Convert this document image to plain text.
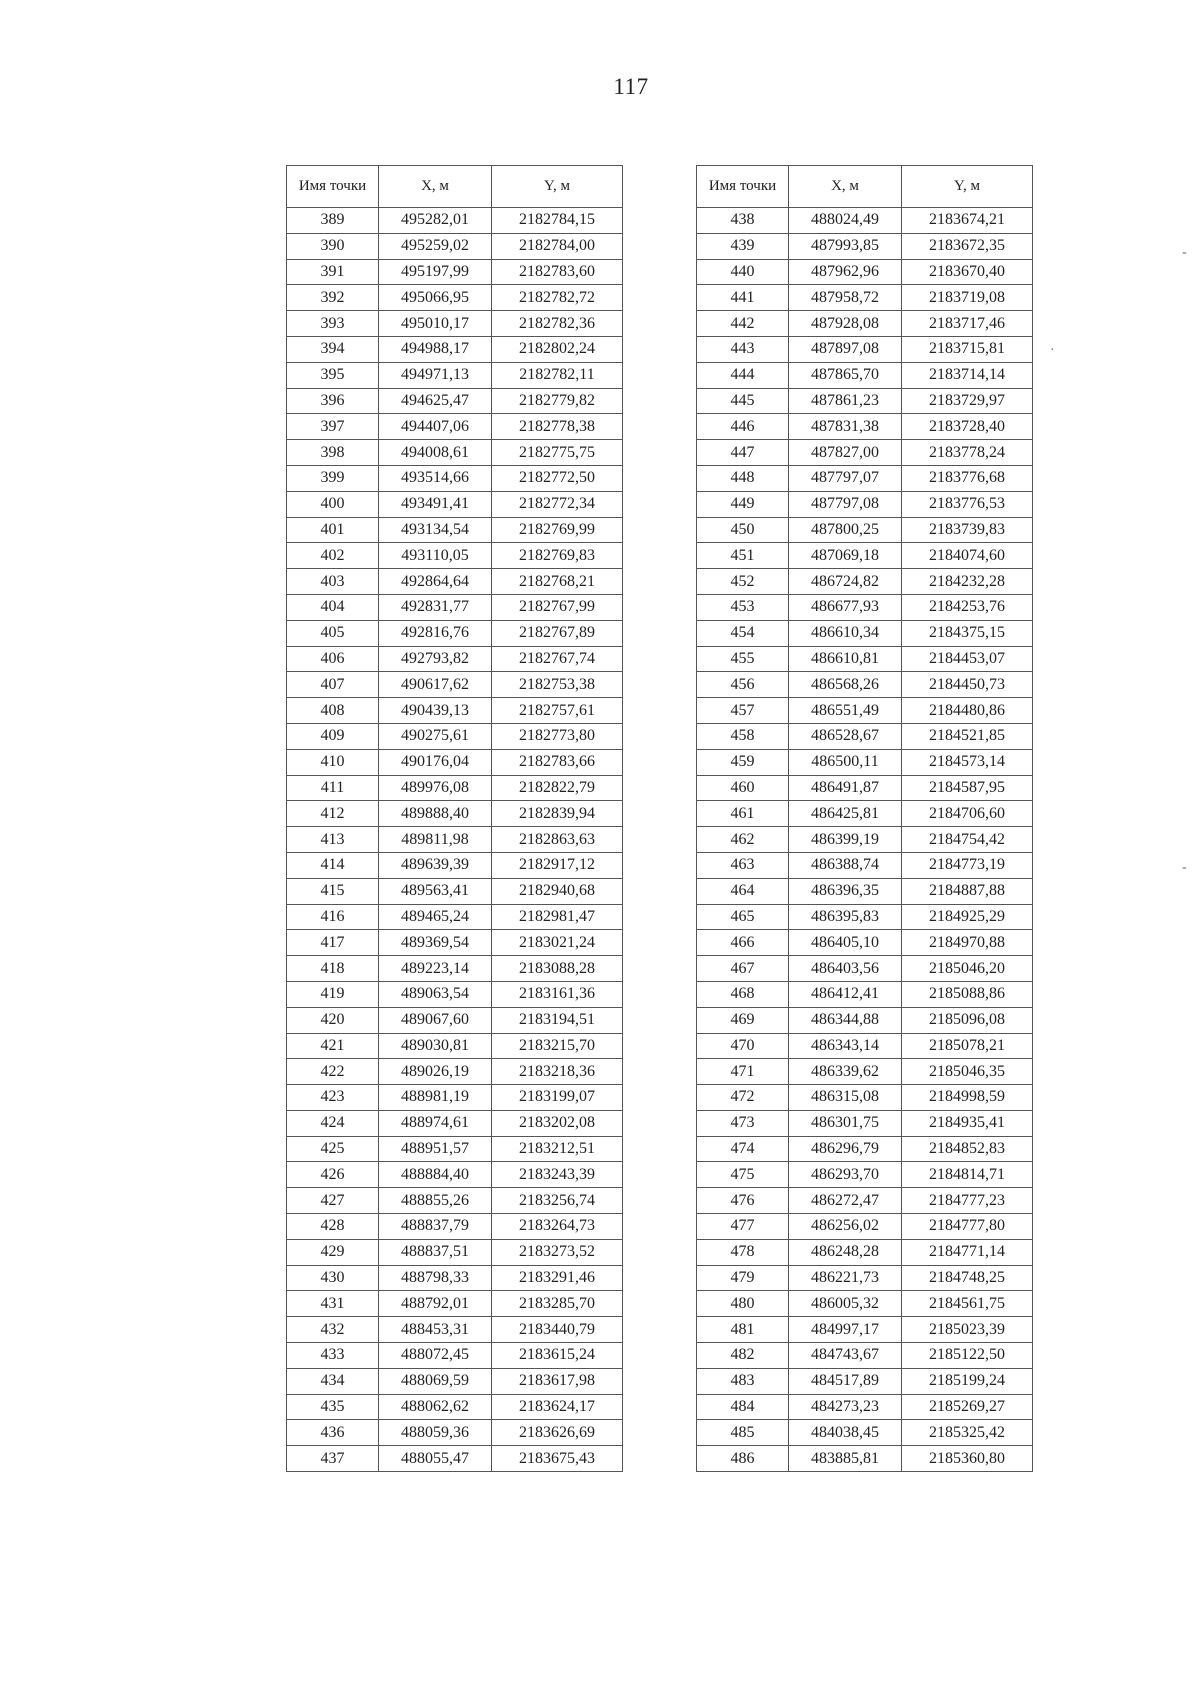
117
Имя точки	X, м	Y, м
389	495282,01	2182784,15
390	495259,02	2182784,00
391	495197,99	2182783,60
392	495066,95	2182782,72
393	495010,17	2182782,36
394	494988,17	2182802,24
395	494971,13	2182782,11
396	494625,47	2182779,82
397	494407,06	2182778,38
398	494008,61	2182775,75
399	493514,66	2182772,50
400	493491,41	2182772,34
401	493134,54	2182769,99
402	493110,05	2182769,83
403	492864,64	2182768,21
404	492831,77	2182767,99
405	492816,76	2182767,89
406	492793,82	2182767,74
407	490617,62	2182753,38
408	490439,13	2182757,61
409	490275,61	2182773,80
410	490176,04	2182783,66
411	489976,08	2182822,79
412	489888,40	2182839,94
413	489811,98	2182863,63
414	489639,39	2182917,12
415	489563,41	2182940,68
416	489465,24	2182981,47
417	489369,54	2183021,24
418	489223,14	2183088,28
419	489063,54	2183161,36
420	489067,60	2183194,51
421	489030,81	2183215,70
422	489026,19	2183218,36
423	488981,19	2183199,07
424	488974,61	2183202,08
425	488951,57	2183212,51
426	488884,40	2183243,39
427	488855,26	2183256,74
428	488837,79	2183264,73
429	488837,51	2183273,52
430	488798,33	2183291,46
431	488792,01	2183285,70
432	488453,31	2183440,79
433	488072,45	2183615,24
434	488069,59	2183617,98
435	488062,62	2183624,17
436	488059,36	2183626,69
437	488055,47	2183675,43
Имя точки	X, м	Y, м
438	488024,49	2183674,21
439	487993,85	2183672,35
440	487962,96	2183670,40
441	487958,72	2183719,08
442	487928,08	2183717,46
443	487897,08	2183715,81
444	487865,70	2183714,14
445	487861,23	2183729,97
446	487831,38	2183728,40
447	487827,00	2183778,24
448	487797,07	2183776,68
449	487797,08	2183776,53
450	487800,25	2183739,83
451	487069,18	2184074,60
452	486724,82	2184232,28
453	486677,93	2184253,76
454	486610,34	2184375,15
455	486610,81	2184453,07
456	486568,26	2184450,73
457	486551,49	2184480,86
458	486528,67	2184521,85
459	486500,11	2184573,14
460	486491,87	2184587,95
461	486425,81	2184706,60
462	486399,19	2184754,42
463	486388,74	2184773,19
464	486396,35	2184887,88
465	486395,83	2184925,29
466	486405,10	2184970,88
467	486403,56	2185046,20
468	486412,41	2185088,86
469	486344,88	2185096,08
470	486343,14	2185078,21
471	486339,62	2185046,35
472	486315,08	2184998,59
473	486301,75	2184935,41
474	486296,79	2184852,83
475	486293,70	2184814,71
476	486272,47	2184777,23
477	486256,02	2184777,80
478	486248,28	2184771,14
479	486221,73	2184748,25
480	486005,32	2184561,75
481	484997,17	2185023,39
482	484743,67	2185122,50
483	484517,89	2185199,24
484	484273,23	2185269,27
485	484038,45	2185325,42
486	483885,81	2185360,80
-
·
-
